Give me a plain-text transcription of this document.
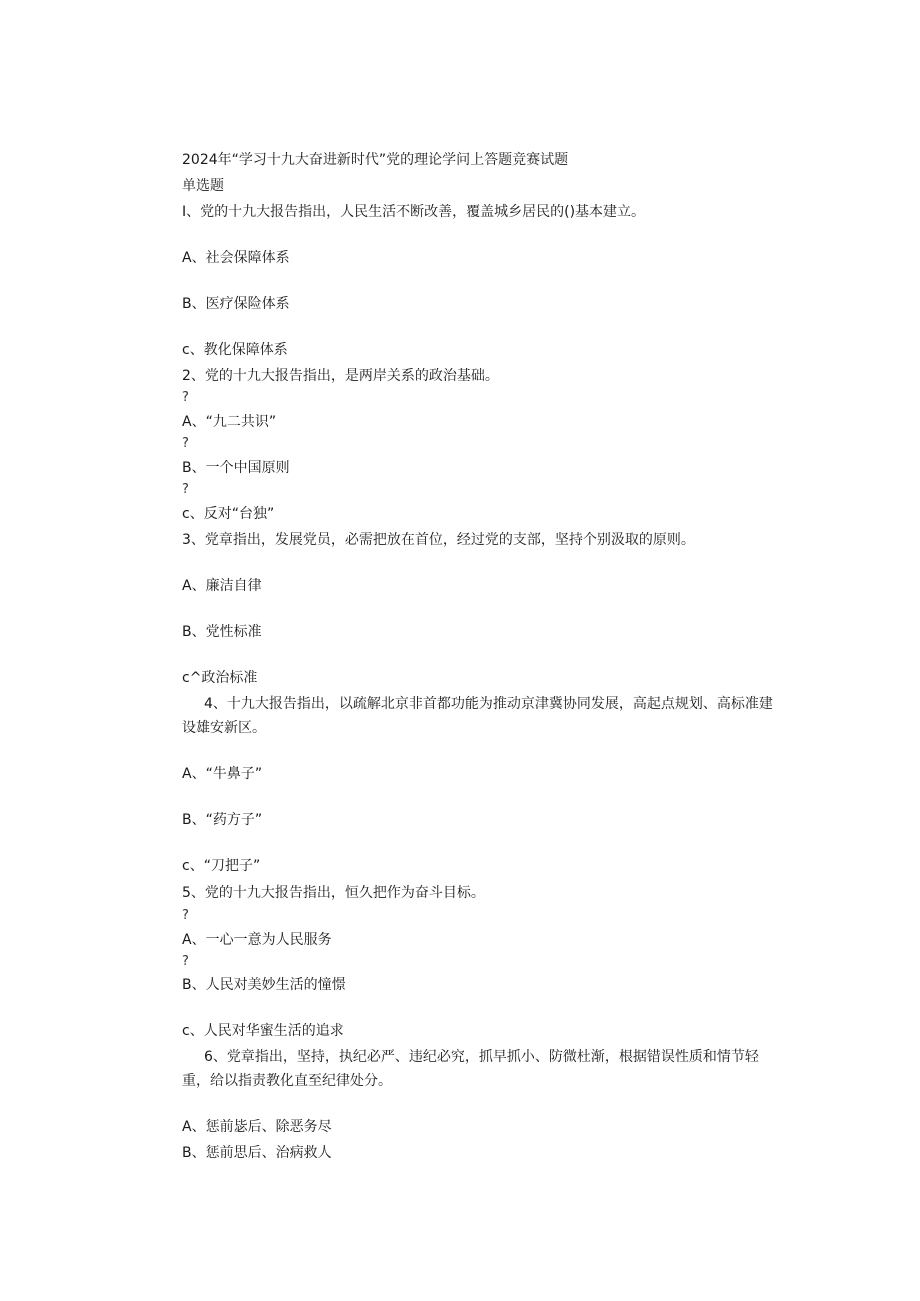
2024年“学习十九大奋进新时代”党的理论学问上答题竞赛试题
单选题
I、党的十九大报告指出，人民生活不断改善，覆盖城乡居民的()基本建立。
A、社会保障体系
B、医疗保险体系
c、教化保障体系
2、党的十九大报告指出，是两岸关系的政治基础。
?
A、“九二共识”
?
B、一个中国原则
?
c、反对“台独”
3、党章指出，发展党员，必需把放在首位，经过党的支部，坚持个别汲取的原则。
A、廉洁自律
B、党性标准
c^政治标准
4、十九大报告指出，以疏解北京非首都功能为推动京津冀协同发展，高起点规划、高标准建设雄安新区。
A、“牛鼻子”
B、“药方子”
c、“刀把子”
5、党的十九大报告指出，恒久把作为奋斗目标。
?
A、一心一意为人民服务
?
B、人民对美妙生活的憧憬
c、人民对华蜜生活的追求
6、党章指出，坚持，执纪必严、违纪必究，抓早抓小、防微杜渐，根据错误性质和情节轻重，给以指责教化直至纪律处分。
A、惩前毖后、除恶务尽
B、惩前思后、治病救人
